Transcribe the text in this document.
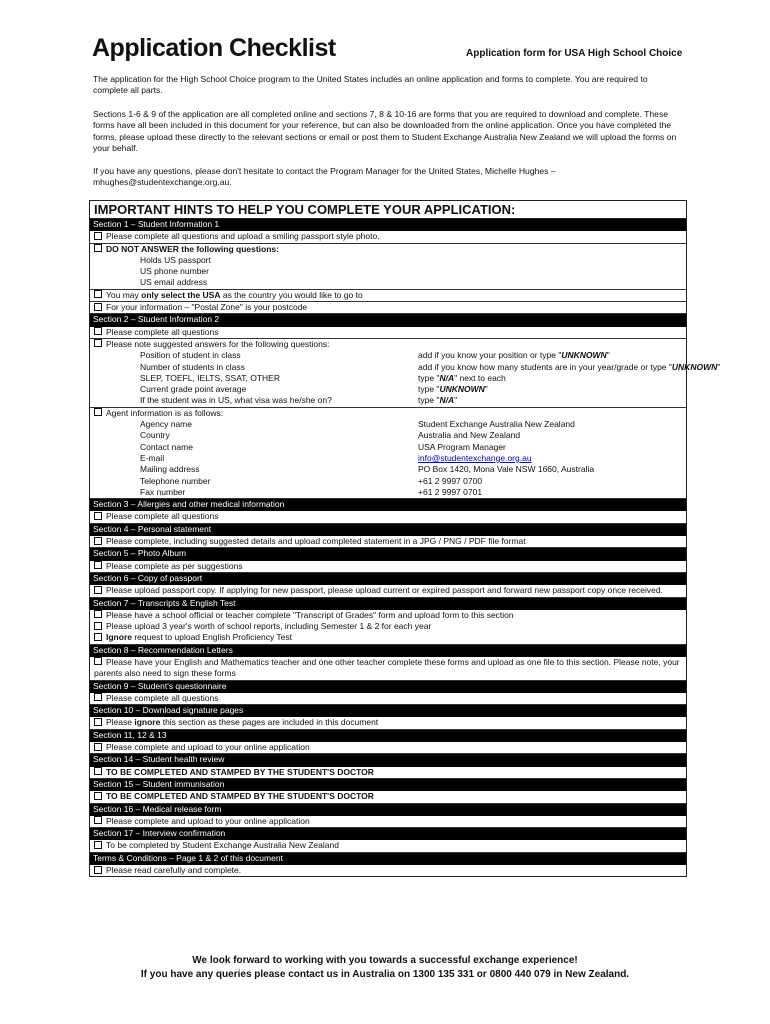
Application Checklist	Application form for USA High School Choice
The application for the High School Choice program to the United States includes an online application and forms to complete. You are required to complete all parts.
Sections 1-6 & 9 of the application are all completed online and sections 7, 8 & 10-16 are forms that you are required to download and complete. These forms have all been included in this document for your reference, but can also be downloaded from the online application. Once you have completed the forms, please upload these directly to the relevant sections or email or post them to Student Exchange Australia New Zealand we will upload the forms on your behalf.
If you have any questions, please don't hesitate to contact the Program Manager for the United States, Michelle Hughes – mhughes@studentexchange.org.au.
IMPORTANT HINTS TO HELP YOU COMPLETE YOUR APPLICATION:
Section 1 – Student Information 1
Please complete all questions and upload a smiling passport style photo.
DO NOT ANSWER the following questions:
Holds US passport
US phone number
US email address
You may only select the USA as the country you would like to go to
For your information – "Postal Zone" is your postcode
Section 2 – Student Information 2
Please complete all questions
Please note suggested answers for the following questions:
Position of student in class	add if you know your position or type "UNKNOWN"
Number of students in class	add if you know how many students are in your year/grade or type "UNKNOWN"
SLEP, TOEFL, IELTS, SSAT, OTHER	type "N/A" next to each
Current grade point average	type "UNKNOWN"
If the student was in US, what visa was he/she on?	type "N/A"
Agent information is as follows:
Agency name	Student Exchange Australia New Zealand
Country	Australia and New Zealand
Contact name	USA Program Manager
E-mail	info@studentexchange.org.au
Mailing address	PO Box 1420, Mona Vale NSW 1660, Australia
Telephone number	+61 2 9997 0700
Fax number	+61 2 9997 0701
Section 3 – Allergies and other medical information
Please complete all questions
Section 4 – Personal statement
Please complete, including suggested details and upload completed statement in a JPG / PNG / PDF file format
Section 5 – Photo Album
Please complete as per suggestions
Section 6 – Copy of passport
Please upload passport copy. If applying for new passport, please upload current or expired passport and forward new passport copy once received.
Section 7 – Transcripts & English Test
Please have a school official or teacher complete "Transcript of Grades" form and upload form to this section
Please upload 3 year's worth of school reports, including Semester 1 & 2 for each year
Ignore request to upload English Proficiency Test
Section 8 – Recommendation Letters
Please have your English and Mathematics teacher and one other teacher complete these forms and upload as one file to this section. Please note, your parents also need to sign these forms
Section 9 – Student's questionnaire
Please complete all questions
Section 10 – Download signature pages
Please ignore this section as these pages are included in this document
Section 11, 12 & 13
Please complete and upload to your online application
Section 14 – Student health review
TO BE COMPLETED AND STAMPED BY THE STUDENT'S DOCTOR
Section 15 – Student immunisation
TO BE COMPLETED AND STAMPED BY THE STUDENT'S DOCTOR
Section 16 – Medical release form
Please complete and upload to your online application
Section 17 – Interview confirmation
To be completed by Student Exchange Australia New Zealand
Terms & Conditions – Page 1 & 2 of this document
Please read carefully and complete.
We look forward to working with you towards a successful exchange experience!
If you have any queries please contact us in Australia on 1300 135 331 or 0800 440 079 in New Zealand.
